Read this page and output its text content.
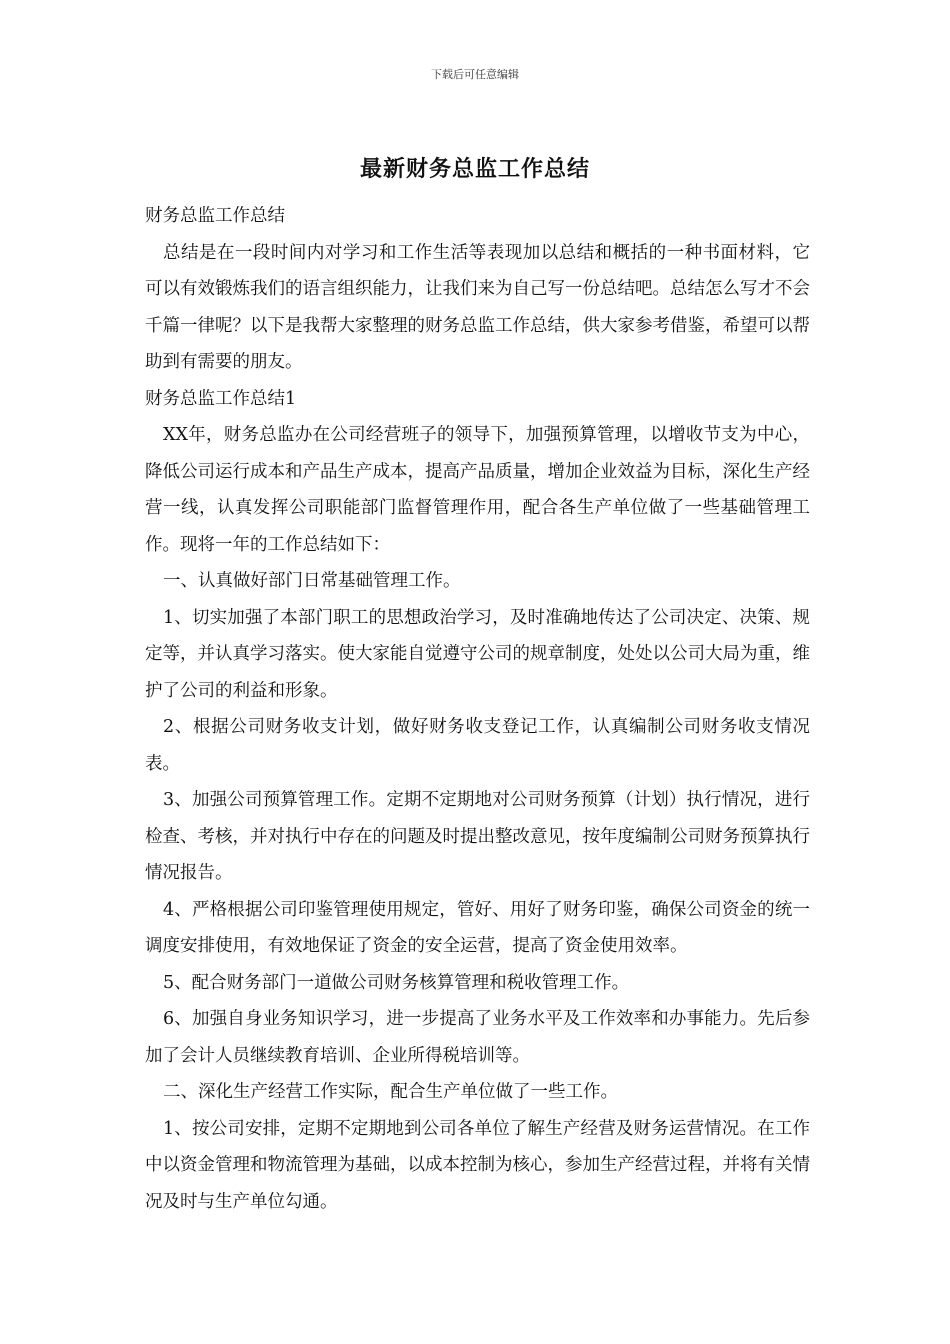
下载后可任意编辑
最新财务总监工作总结

财务总监工作总结

总结是在一段时间内对学习和工作生活等表现加以总结和概括的一种书面材料，它可以有效锻炼我们的语言组织能力，让我们来为自己写一份总结吧。总结怎么写才不会千篇一律呢？以下是我帮大家整理的财务总监工作总结，供大家参考借鉴，希望可以帮助到有需要的朋友。

财务总监工作总结1

XX年，财务总监办在公司经营班子的领导下，加强预算管理，以增收节支为中心，降低公司运行成本和产品生产成本，提高产品质量，增加企业效益为目标，深化生产经营一线，认真发挥公司职能部门监督管理作用，配合各生产单位做了一些基础管理工作。现将一年的工作总结如下：

一、认真做好部门日常基础管理工作。

1、切实加强了本部门职工的思想政治学习，及时准确地传达了公司决定、决策、规定等，并认真学习落实。使大家能自觉遵守公司的规章制度，处处以公司大局为重，维护了公司的利益和形象。

2、根据公司财务收支计划，做好财务收支登记工作，认真编制公司财务收支情况表。

3、加强公司预算管理工作。定期不定期地对公司财务预算（计划）执行情况，进行检查、考核，并对执行中存在的问题及时提出整改意见，按年度编制公司财务预算执行情况报告。

4、严格根据公司印鉴管理使用规定，管好、用好了财务印鉴，确保公司资金的统一调度安排使用，有效地保证了资金的安全运营，提高了资金使用效率。

5、配合财务部门一道做公司财务核算管理和税收管理工作。

6、加强自身业务知识学习，进一步提高了业务水平及工作效率和办事能力。先后参加了会计人员继续教育培训、企业所得税培训等。

二、深化生产经营工作实际，配合生产单位做了一些工作。

1、按公司安排，定期不定期地到公司各单位了解生产经营及财务运营情况。在工作中以资金管理和物流管理为基础，以成本控制为核心，参加生产经营过程，并将有关情况及时与生产单位勾通。
